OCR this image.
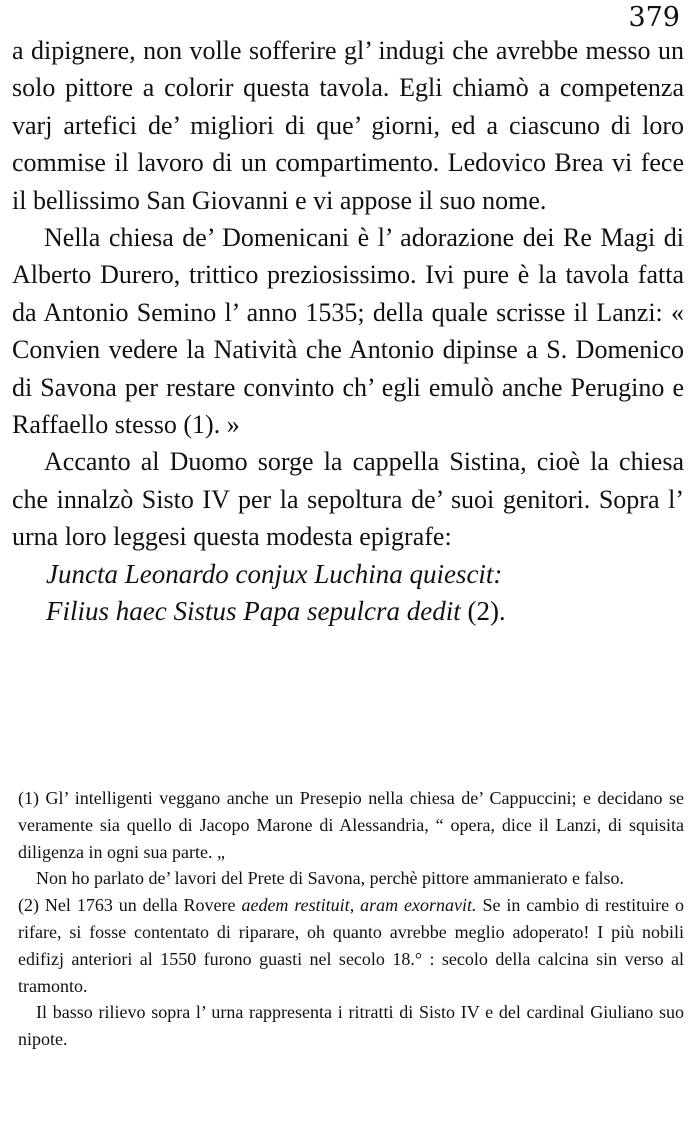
379

a dipignere, non volle sofferire gl’ indugi che avrebbe messo un solo pittore a colorir questa tavola. Egli chiamò a competenza varj artefici de’ migliori di que’ giorni, ed a ciascuno di loro commise il lavoro di un compartimento. Ledovico Brea vi fece il bellissimo San Giovanni e vi appose il suo nome.

Nella chiesa de’ Domenicani è l’ adorazione dei Re Magi di Alberto Durero, trittico preziosissimo. Ivi pure è la tavola fatta da Antonio Semino l’ anno 1535; della quale scrisse il Lanzi: « Convien vedere la Natività che Antonio dipinse a S. Domenico di Savona per restare convinto ch’ egli emulò anche Perugino e Raffaello stesso (1). »

Accanto al Duomo sorge la cappella Sistina, cioè la chiesa che innalzò Sisto IV per la sepoltura de’ suoi genitori. Sopra l’ urna loro leggesi questa modesta epigrafe:

Juncta Leonardo conjux Luchina quiescit:
Filius haec Sistus Papa sepulcra dedit (2).

(1) Gl’ intelligenti veggano anche un Presepio nella chiesa de’ Cappuccini; e decidano se veramente sia quello di Jacopo Marone di Alessandria, “ opera, dice il Lanzi, di squisita diligenza in ogni sua parte. „

Non ho parlato de’ lavori del Prete di Savona, perchè pittore ammanierato e falso.

(2) Nel 1763 un della Rovere aedem restituit, aram exornavit. Se in cambio di restituire o rifare, si fosse contentato di riparare, oh quanto avrebbe meglio adoperato! I più nobili edifizj anteriori al 1550 furono guasti nel secolo 18.° : secolo della calcina sin verso al tramonto.

Il basso rilievo sopra l’ urna rappresenta i ritratti di Sisto IV e del cardinal Giuliano suo nipote.
